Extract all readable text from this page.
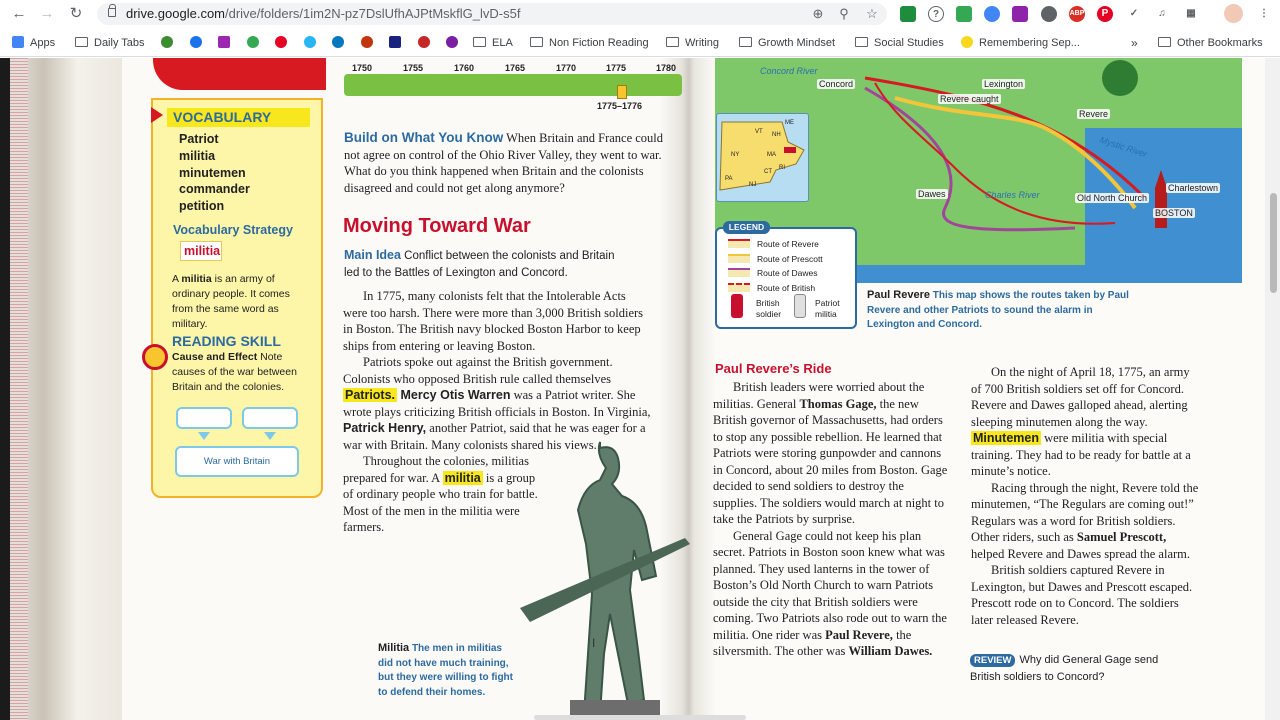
← → ↻	drive.google.com/drive/folders/1im2N-pz7DslUfhAJPtMskflG_lvD-s5f	⊕	⚲	☆	?	ABP	P	✓	♫	▦	⋮
Apps	Daily Tabs	ELA	Non Fiction Reading	Writing	Growth Mindset	Social Studies	Remembering Sep...	»	Other Bookmarks
1750	1755	1760	1765	1770	1775	1780
1775–1776
VOCABULARY
Patriot
militia
minutemen
commander
petition
Vocabulary Strategy
militia
A militia is an army of ordinary people. It comes from the same word as military.
READING SKILL
Cause and Effect Note causes of the war between Britain and the colonies.
War with Britain
Build on What You Know When Britain and France could not agree on control of the Ohio River Valley, they went to war. What do you think happened when Britain and the colonists disagreed and could not get along anymore?
Moving Toward War
Main Idea Conflict between the colonists and Britain led to the Battles of Lexington and Concord.

In 1775, many colonists felt that the Intolerable Acts were too harsh. There were more than 3,000 British soldiers in Boston. The British navy blocked Boston Harbor to keep ships from entering or leaving Boston.

Patriots spoke out against the British government. Colonists who opposed British rule called themselves Patriots. Mercy Otis Warren was a Patriot writer. She wrote plays criticizing British officials in Boston. In Virginia, Patrick Henry, another Patriot, said that he was eager for a war with Britain. Many colonists shared his views.

Throughout the colonies, militias prepared for war. A militia is a group of ordinary people who train for battle. Most of the men in the militia were farmers.

Militia The men in militias did not have much training, but they were willing to fight to defend their homes.
VT	NH
ME
NY	MA
CT
RI
PA
NJ
Concord River
Concord	Lexington
Revere caught
Revere
Mystic River
Charles River
Dawes	Old North Church
Charlestown
BOSTON
LEGEND
Route of Revere
Route of Prescott
Route of Dawes
Route of British
British soldier
Patriot militia
Paul Revere This map shows the routes taken by Paul Revere and other Patriots to sound the alarm in Lexington and Concord.
Paul Revere’s Ride

British leaders were worried about the militias. General Thomas Gage, the new British governor of Massachusetts, had orders to stop any possible rebellion. He learned that Patriots were storing gunpowder and cannons in Concord, about 20 miles from Boston. Gage decided to send soldiers to destroy the supplies. The soldiers would march at night to take the Patriots by surprise.

General Gage could not keep his plan secret. Patriots in Boston soon knew what was planned. They used lanterns in the tower of Boston’s Old North Church to warn Patriots outside the city that British soldiers were coming. Two Patriots also rode out to warn the militia. One rider was Paul Revere, the silversmith. The other was William Dawes.

On the night of April 18, 1775, an army of 700 British soldiers set off for Concord. Revere and Dawes galloped ahead, alerting sleeping minutemen along the way. Minutemen were militia with special training. They had to be ready for battle at a minute’s notice.

Racing through the night, Revere told the minutemen, “The Regulars are coming out!” Regulars was a word for British soldiers. Other riders, such as Samuel Prescott, helped Revere and Dawes spread the alarm.

British soldiers captured Revere in Lexington, but Dawes and Prescott escaped. Prescott rode on to Concord. The soldiers later released Revere.

REVIEW Why did General Gage send British soldiers to Concord?
I
